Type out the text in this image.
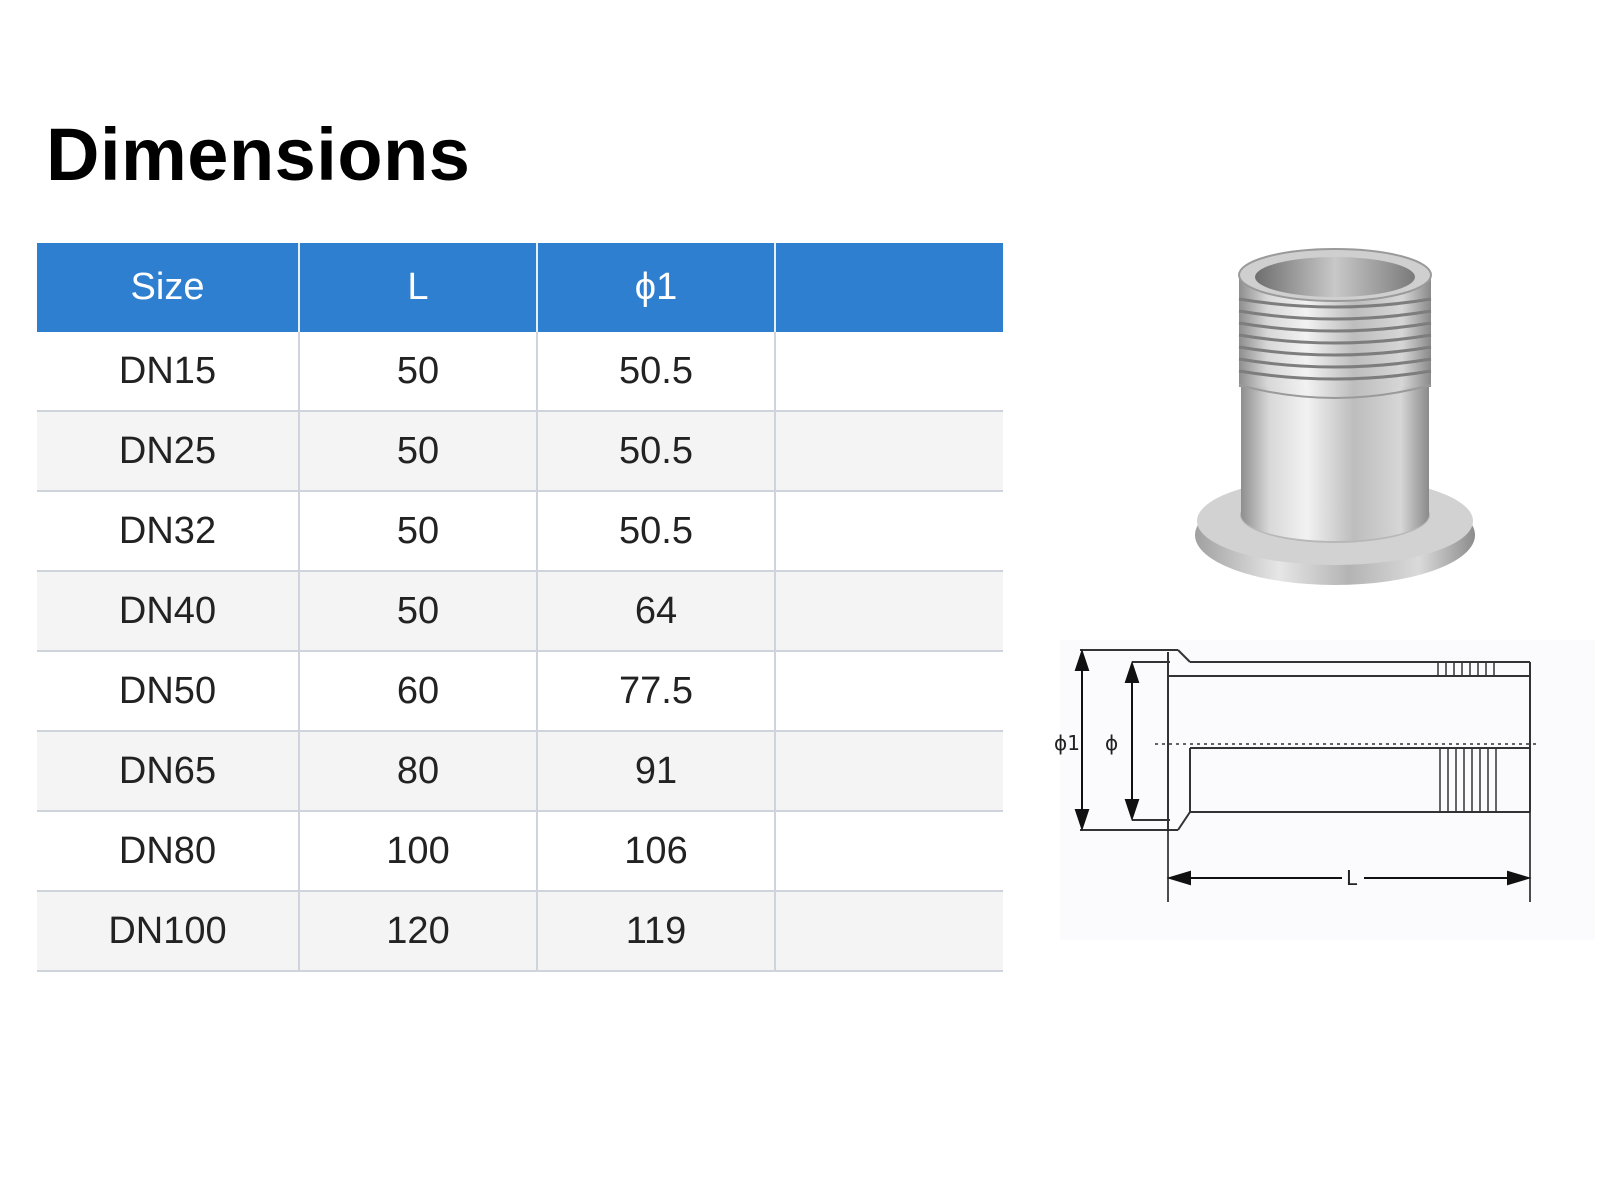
Dimensions
Size	L	ϕ1	
DN15	50	50.5	
DN25	50	50.5	
DN32	50	50.5	
DN40	50	64	
DN50	60	77.5	
DN65	80	91	
DN80	100	106	
DN100	120	119	
ϕ1 ϕ
L
